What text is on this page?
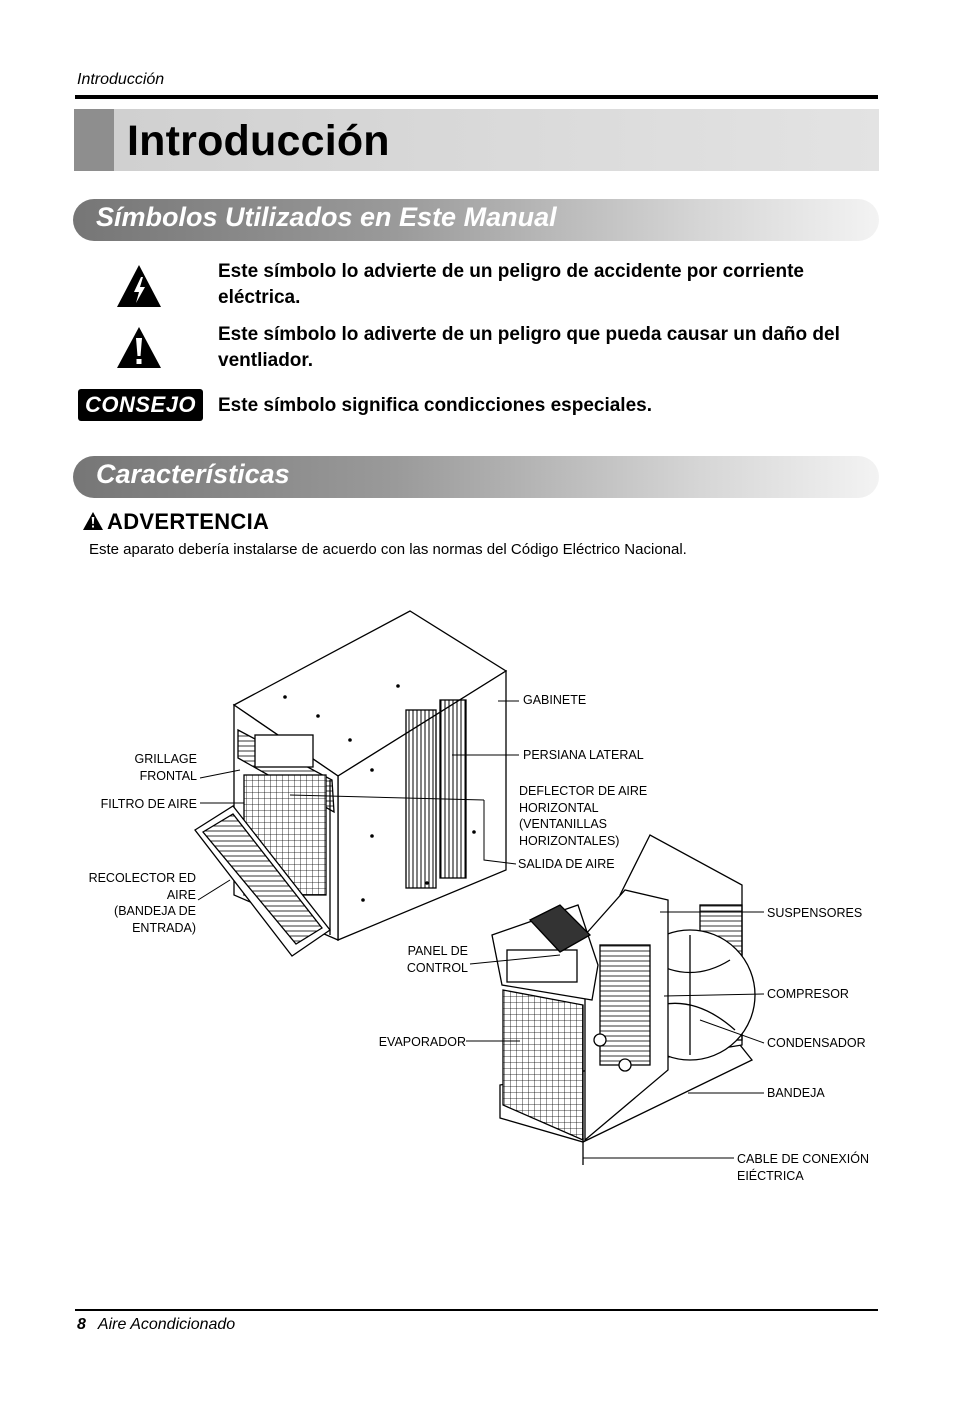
Introducción
Introducción
Símbolos Utilizados en Este Manual
Este símbolo lo advierte de un peligro de accidente por corriente eléctrica.
Este símbolo lo adiverte de un peligro que pueda causar un daño del ventliador.
CONSEJO	Este símbolo significa condicciones especiales.
Características
ADVERTENCIA
Este aparato debería instalarse de acuerdo con las normas del Código Eléctrico Nacional.
GRILLAGE
FRONTAL
FILTRO DE AIRE
RECOLECTOR ED
AIRE
(BANDEJA DE
ENTRADA)
GABINETE
PERSIANA LATERAL
DEFLECTOR DE AIRE
HORIZONTAL
(VENTANILLAS
HORIZONTALES)
SALIDA DE AIRE
PANEL DE
CONTROL
EVAPORADOR
SUSPENSORES
COMPRESOR
CONDENSADOR
BANDEJA
CABLE DE CONEXIÓN
EIÉCTRICA
8 Aire Acondicionado
